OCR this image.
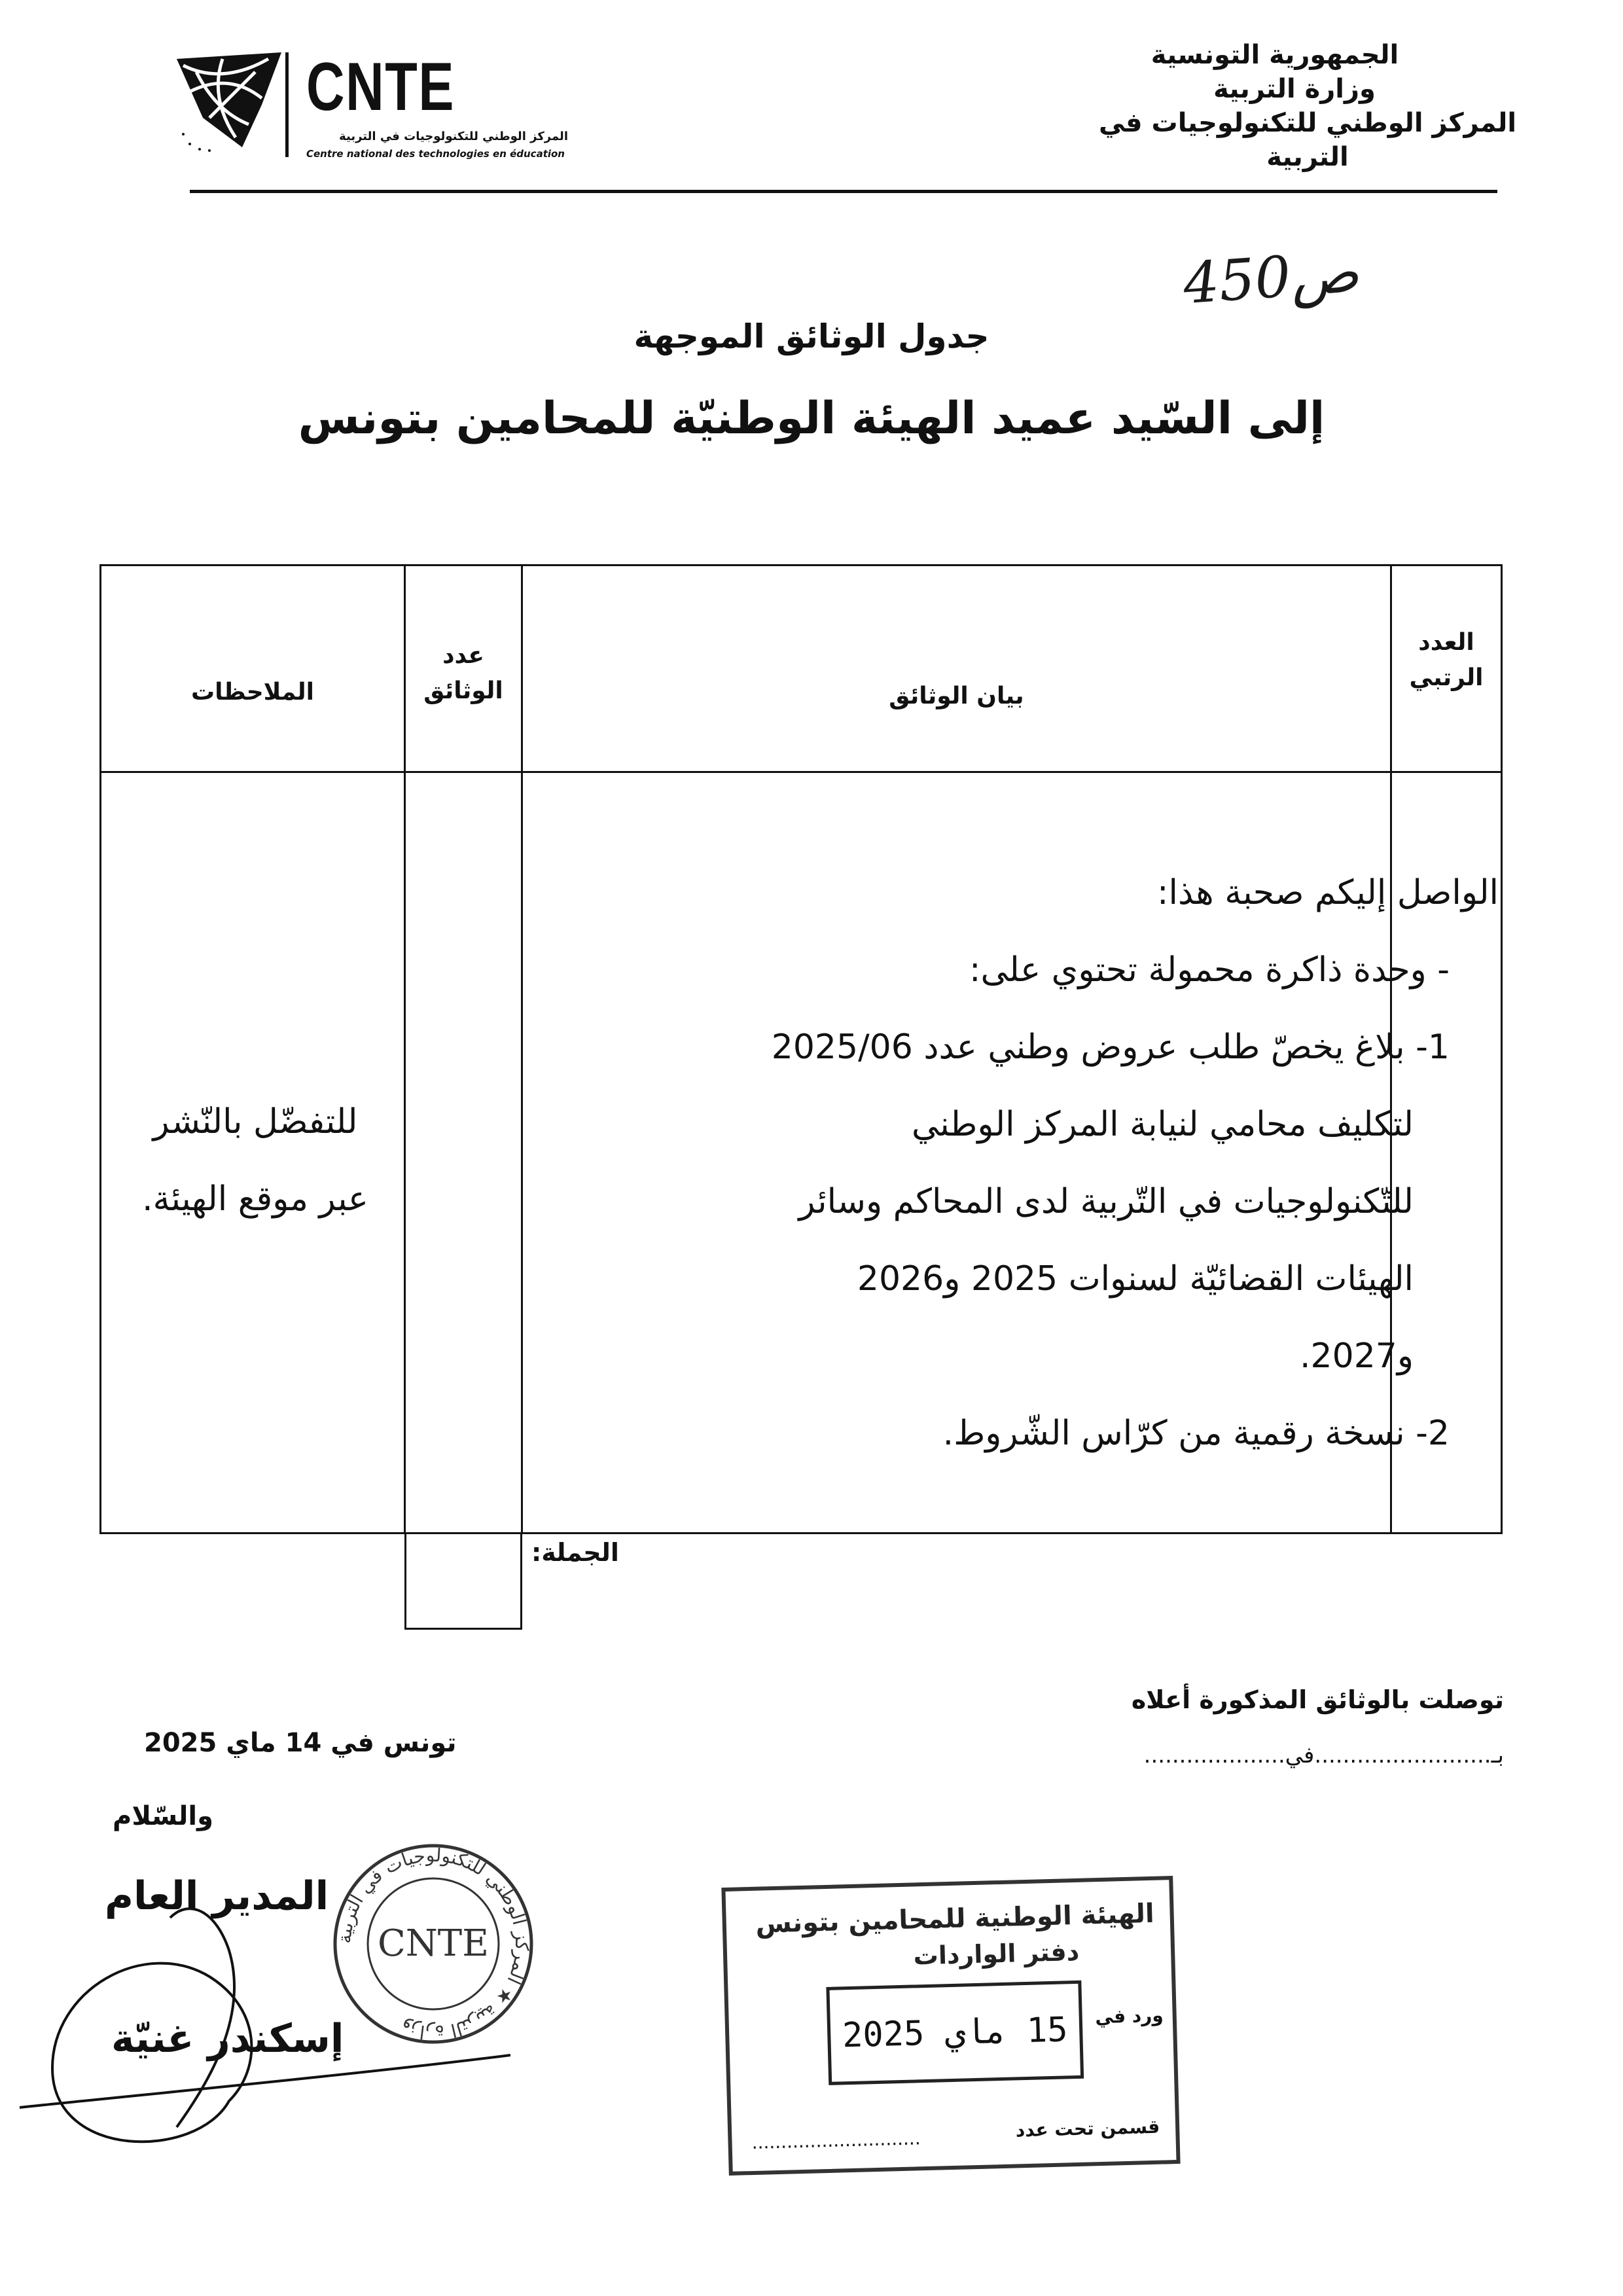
الجمهورية التونسية
وزارة التربية
المركز الوطني للتكنولوجيات في التربية
CNTE
المركز الوطني للتكنولوجيات في التربية
Centre national des technologies en éducation
450ص
جدول الوثائق الموجهة
إلى السّيد عميد الهيئة الوطنيّة للمحامين بتونس
العدد
الرتبي
بيان الوثائق
عدد
الوثائق
الملاحظات
الواصل إليكم صحبة هذا:
- وحدة ذاكرة محمولة تحتوي على:
1- بلاغ يخصّ طلب عروض وطني عدد 2025/06
لتكليف محامي لنيابة المركز الوطني
للتّكنولوجيات في التّربية لدى المحاكم وسائر
الهيئات القضائيّة لسنوات 2025 و2026
و2027.
2- نسخة رقمية من كرّاس الشّروط.
للتفضّل بالنّشر
عبر موقع الهيئة.
الجملة:
توصلت بالوثائق المذكورة أعلاه
بـ.........................في....................
تونس في 14 ماي 2025
والسّلام
المدير العام
إسكندر غنيّة
وزارة التربية ★ المركز الوطني للتكنولوجيات في التربية
CNTE
الهيئة الوطنية للمحامين بتونس
دفتر الواردات
15 ماي 2025	ورد في
قسمن تحت عدد
.............................
